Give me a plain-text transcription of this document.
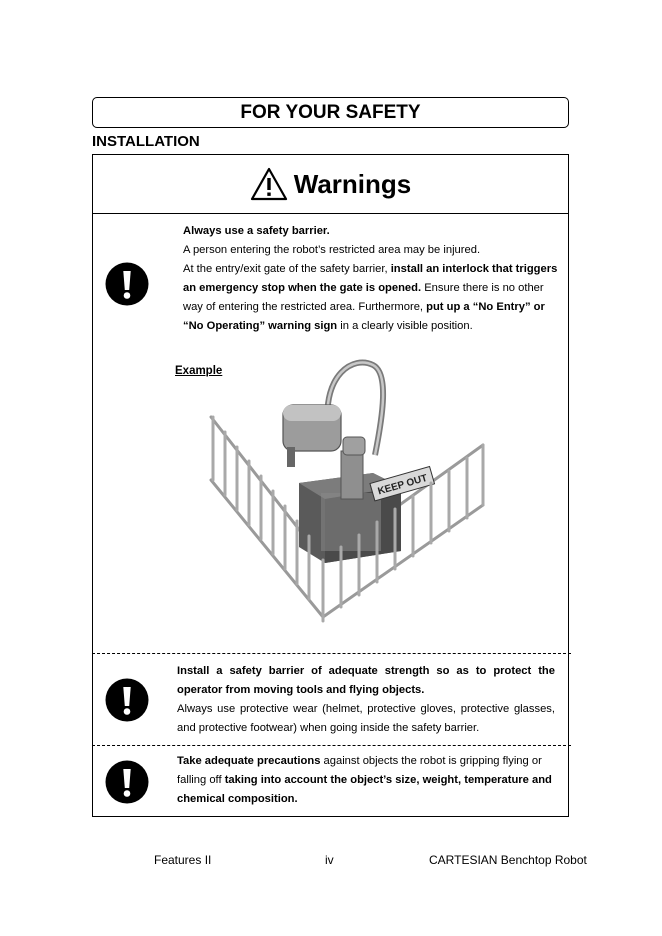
FOR YOUR SAFETY
INSTALLATION
Warnings
Always use a safety barrier.
A person entering the robot’s restricted area may be injured.
At the entry/exit gate of the safety barrier, install an interlock that triggers an emergency stop when the gate is opened. Ensure there is no other way of entering the restricted area. Furthermore, put up a “No Entry” or “No Operating” warning sign in a clearly visible position.
Example
KEEP OUT
Install a safety barrier of adequate strength so as to protect the operator from moving tools and flying objects.
Always use protective wear (helmet, protective gloves, protective glasses, and protective footwear) when going inside the safety barrier.
Take adequate precautions against objects the robot is gripping flying or falling off taking into account the object’s size, weight, temperature and chemical composition.
Features II	iv	CARTESIAN Benchtop Robot
